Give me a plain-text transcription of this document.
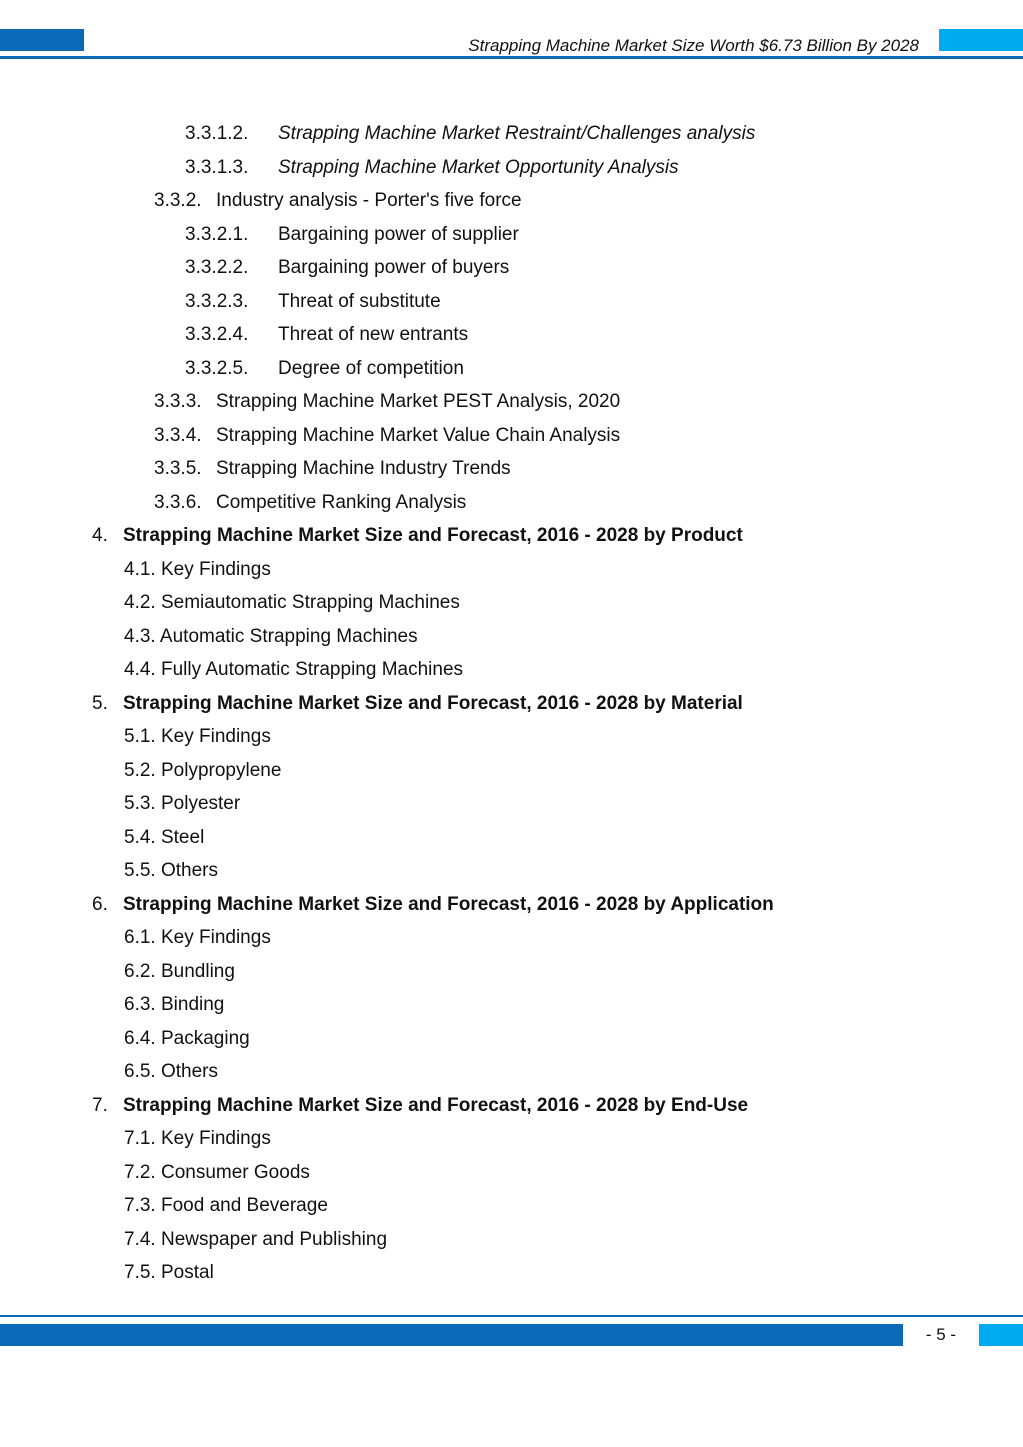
Strapping Machine Market Size Worth $6.73 Billion By 2028
3.3.1.2. Strapping Machine Market Restraint/Challenges analysis
3.3.1.3. Strapping Machine Market Opportunity Analysis
3.3.2. Industry analysis - Porter's five force
3.3.2.1. Bargaining power of supplier
3.3.2.2. Bargaining power of buyers
3.3.2.3. Threat of substitute
3.3.2.4. Threat of new entrants
3.3.2.5. Degree of competition
3.3.3. Strapping Machine Market PEST Analysis, 2020
3.3.4. Strapping Machine Market Value Chain Analysis
3.3.5. Strapping Machine Industry Trends
3.3.6. Competitive Ranking Analysis
4. Strapping Machine Market Size and Forecast, 2016 - 2028 by Product
4.1. Key Findings
4.2. Semiautomatic Strapping Machines
4.3. Automatic Strapping Machines
4.4. Fully Automatic Strapping Machines
5. Strapping Machine Market Size and Forecast, 2016 - 2028 by Material
5.1. Key Findings
5.2. Polypropylene
5.3. Polyester
5.4. Steel
5.5. Others
6. Strapping Machine Market Size and Forecast, 2016 - 2028 by Application
6.1. Key Findings
6.2. Bundling
6.3. Binding
6.4. Packaging
6.5. Others
7. Strapping Machine Market Size and Forecast, 2016 - 2028 by End-Use
7.1. Key Findings
7.2. Consumer Goods
7.3. Food and Beverage
7.4. Newspaper and Publishing
7.5. Postal
- 5 -
